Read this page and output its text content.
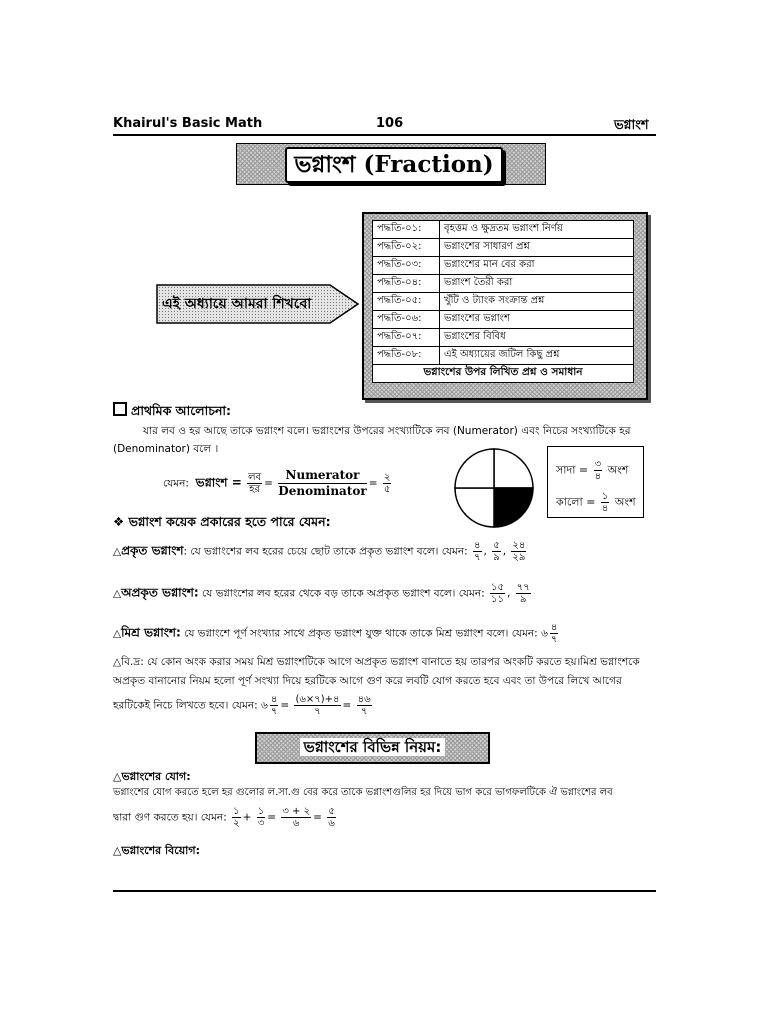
Khairul's Basic Math	106	ভগ্নাংশ
ভগ্নাংশ (Fraction)
এই অধ্যায়ে আমরা শিখবো
পদ্ধতি-০১:	বৃহত্তম ও ক্ষুদ্রতম ভগ্নাংশ নির্ণয়
পদ্ধতি-০২:	ভগ্নাংশের সাধারণ প্রশ্ন
পদ্ধতি-০৩:	ভগ্নাংশের মান বের করা
পদ্ধতি-০৪:	ভগ্নাংশ তৈরী করা
পদ্ধতি-০৫:	খুঁটি ও ট্যাংক সংক্রান্ত প্রশ্ন
পদ্ধতি-০৬:	ভগ্নাংশের ভগ্নাংশ
পদ্ধতি-০৭:	ভগ্নাংশের বিবিধ
পদ্ধতি-০৮:	এই অধ্যায়ের জটিল কিছু প্রশ্ন
ভগ্নাংশের উপর লিখিত প্রশ্ন ও সমাধান	
প্রাথমিক আলোচনা:
যার লব ও হর আছে তাকে ভগ্নাংশ বলে। ভগ্নাংশের উপরের সংখ্যাটিকে লব (Numerator) এবং নিচের সংখ্যাটিকে হর
(Denominator) বলে ।
যেমন: ভগ্নাংশ = $\frac{\text{লব}}{\text{হর}} = \frac{\text{Numerator}}{\text{Denominator}} = \frac{২}{৫}$
সাদা = $\frac{৩}{৪}$ অংশ
কালো = $\frac{১}{৪}$ অংশ
❖ ভগ্নাংশ কয়েক প্রকারের হতে পারে যেমন:
△প্রকৃত ভগ্নাংশ: যে ভগ্নাংশের লব হরের চেয়ে ছোট তাকে প্রকৃত ভগ্নাংশ বলে। যেমন: $\frac{৪}{৭}$ , $\frac{৫}{৯}$ , $\frac{২৪}{২৯}$
△অপ্রকৃত ভগ্নাংশ: যে ভগ্নাংশের লব হরের থেকে বড় তাকে অপ্রকৃত ভগ্নাংশ বলে। যেমন: $\frac{১৫}{১১}$ , $\frac{৭৭}{৯}$
△মিশ্র ভগ্নাংশ: যে ভগ্নাংশে পূর্ণ সংখ্যার সাথে প্রকৃত ভগ্নাংশ যুক্ত থাকে তাকে মিশ্র ভগ্নাংশ বলে। যেমন: ৬ $\frac{৪}{৭}$
△বি.দ্র: যে কোন অংক করার সময় মিশ্র ভগ্নাংশটিকে আগে অপ্রকৃত ভগ্নাংশ বানাতে হয় তারপর অংকটি করতে হয়।মিশ্র ভগ্নাংশকে
অপ্রকৃত বানানোর নিয়ম হলো পূর্ণ সংখ্যা দিয়ে হরটিকে আগে গুণ করে লবটি যোগ করতে হবে এবং তা উপরে লিখে আগের
হরটিকেই নিচে লিখতে হবে। যেমন: ৬ $\frac{৪}{৭} = \frac{(৬\times ৭)+৪}{৭} = \frac{৪৬}{৭}$
ভগ্নাংশের বিভিন্ন নিয়ম:
△ভগ্নাংশের যোগ:
ভগ্নাংশের যোগ করতে হলে হর গুলোর ল.সা.গু বের করে তাকে ভগ্নাংশগুলির হর দিয়ে ভাগ করে ভাগফলটিকে ঐ ভগ্নাংশের লব
দ্বারা গুণ করতে হয়। যেমন: $\frac{১}{২} + \frac{১}{৩} = \frac{৩ + ২}{৬} = \frac{৫}{৬}$
△ভগ্নাংশের বিয়োগ:
